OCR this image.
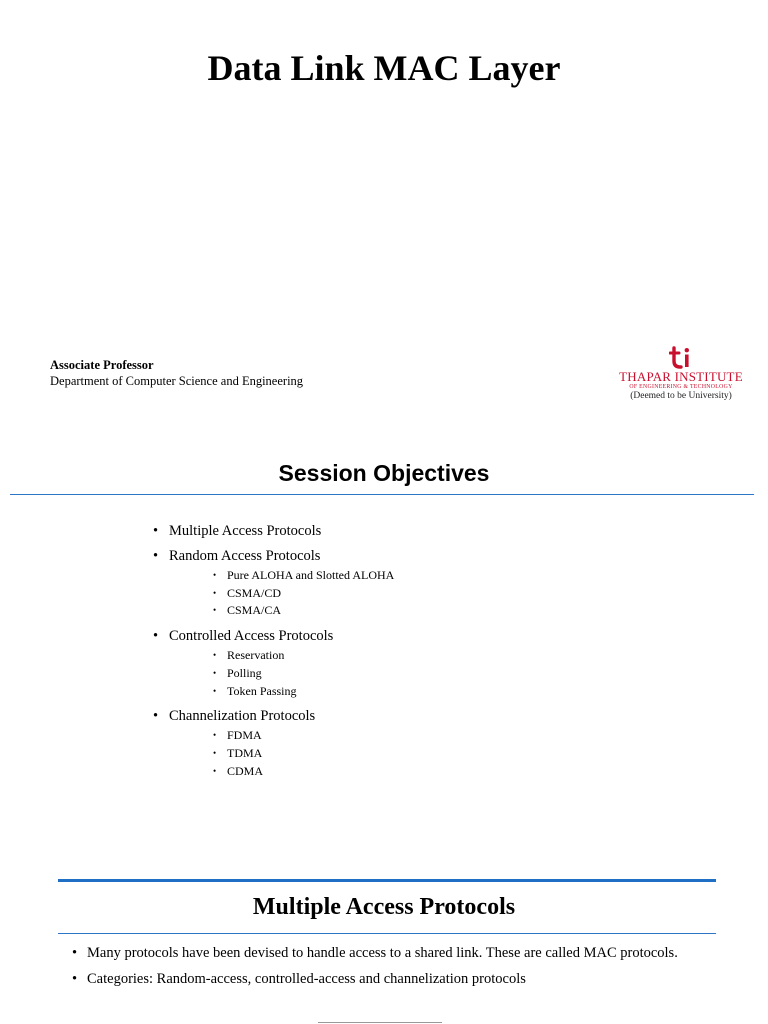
Data Link MAC Layer
Associate Professor
Department of Computer Science and Engineering	THAPAR INSTITUTE
OF ENGINEERING & TECHNOLOGY
(Deemed to be University)
Session Objectives
• Multiple Access Protocols
• Random Access Protocols
• Pure ALOHA and Slotted ALOHA
• CSMA/CD
• CSMA/CA
• Controlled Access Protocols
• Reservation
• Polling
• Token Passing
• Channelization Protocols
• FDMA
• TDMA
• CDMA
Multiple Access Protocols
• Many protocols have been devised to handle access to a shared link. These are called MAC protocols.
• Categories: Random-access, controlled-access and channelization protocols
